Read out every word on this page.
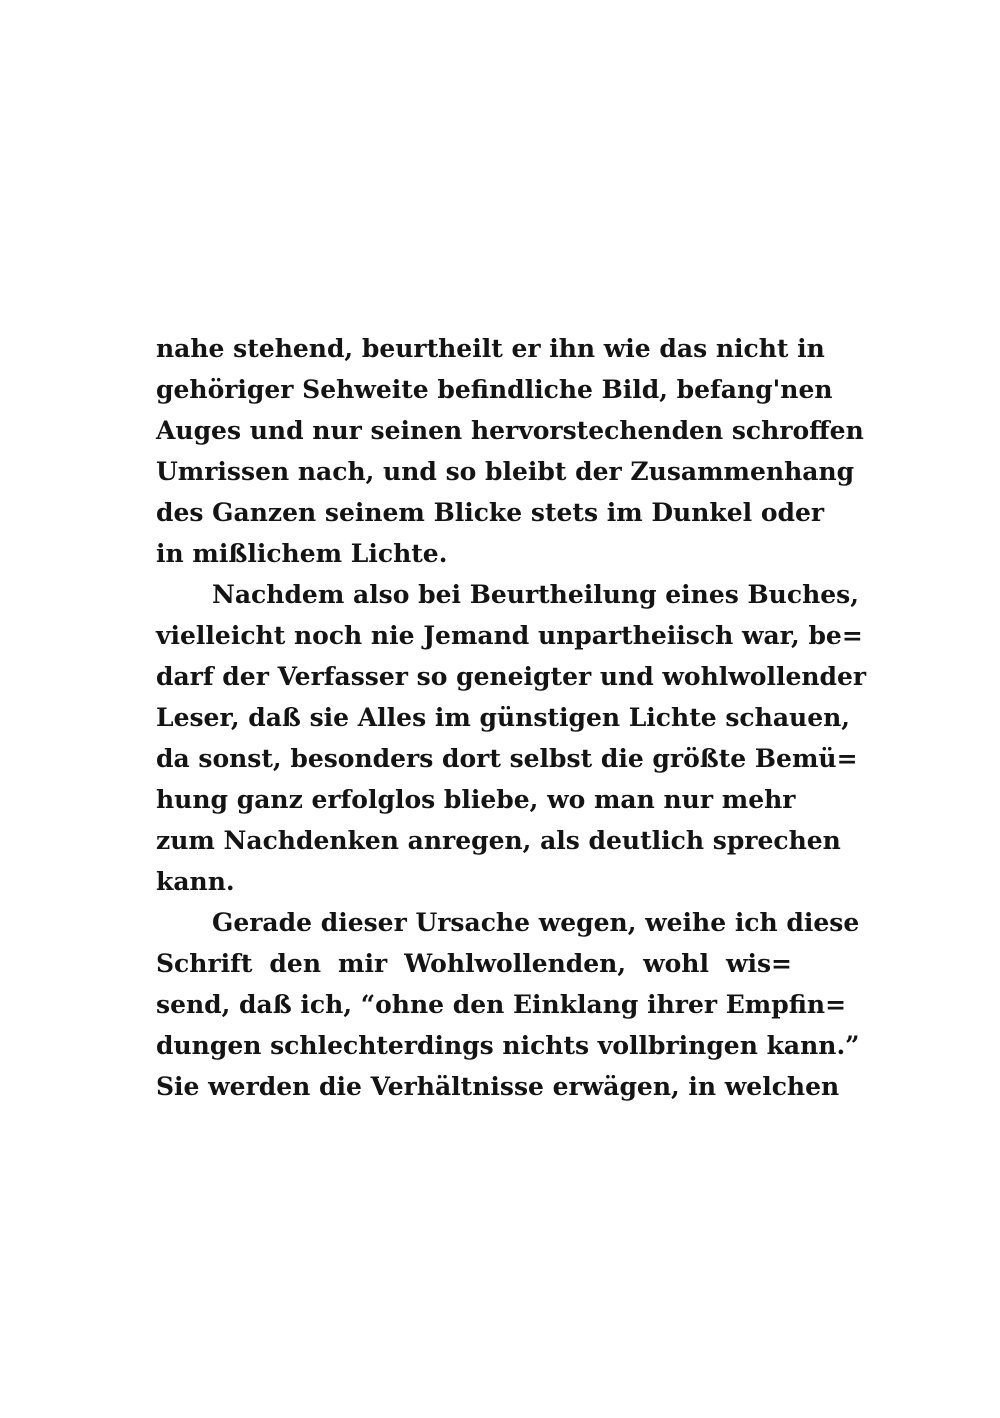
nahe stehend, beurtheilt er ihn wie das nicht in
gehöriger Sehweite befindliche Bild, befang'nen
Auges und nur seinen hervorstechenden schroffen
Umrissen nach, und so bleibt der Zusammenhang
des Ganzen seinem Blicke stets im Dunkel oder
in mißlichem Lichte.
Nachdem also bei Beurtheilung eines Buches,
vielleicht noch nie Jemand unpartheiisch war, be=
darf der Verfasser so geneigter und wohlwollender
Leser, daß sie Alles im günstigen Lichte schauen,
da sonst, besonders dort selbst die größte Bemü=
hung ganz erfolglos bliebe, wo man nur mehr
zum Nachdenken anregen, als deutlich sprechen
kann.
Gerade dieser Ursache wegen, weihe ich diese
Schrift den mir Wohlwollenden, wohl wis=
send, daß ich, “ohne den Einklang ihrer Empfin=
dungen schlechterdings nichts vollbringen kann.”
Sie werden die Verhältnisse erwägen, in welchen
